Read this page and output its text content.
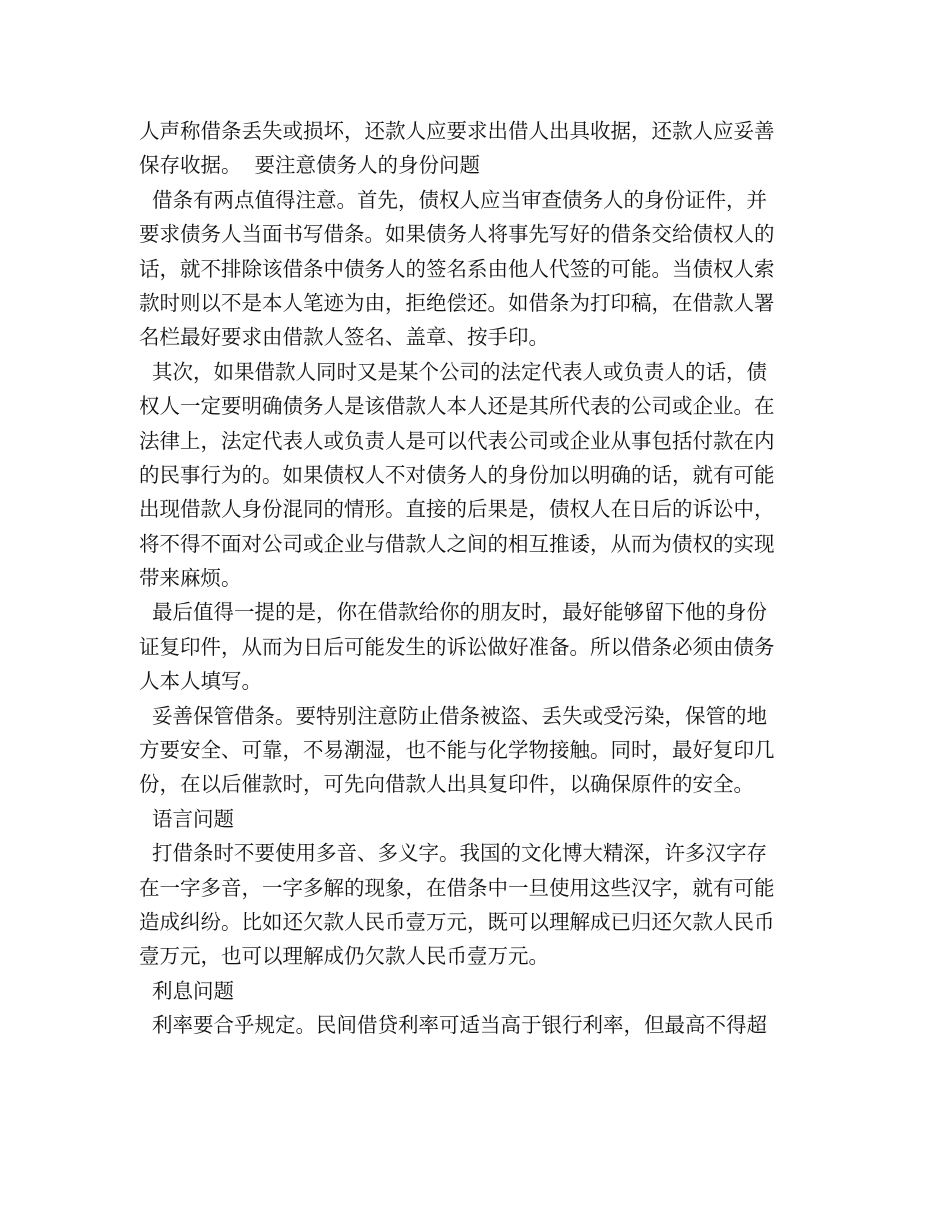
人声称借条丢失或损坏，还款人应要求出借人出具收据，还款人应妥善
保存收据。  要注意债务人的身份问题
借条有两点值得注意。首先，债权人应当审查债务人的身份证件，并
要求债务人当面书写借条。如果债务人将事先写好的借条交给债权人的
话，就不排除该借条中债务人的签名系由他人代签的可能。当债权人索
款时则以不是本人笔迹为由，拒绝偿还。如借条为打印稿，在借款人署
名栏最好要求由借款人签名、盖章、按手印。
其次，如果借款人同时又是某个公司的法定代表人或负责人的话，债
权人一定要明确债务人是该借款人本人还是其所代表的公司或企业。在
法律上，法定代表人或负责人是可以代表公司或企业从事包括付款在内
的民事行为的。如果债权人不对债务人的身份加以明确的话，就有可能
出现借款人身份混同的情形。直接的后果是，债权人在日后的诉讼中，
将不得不面对公司或企业与借款人之间的相互推诿，从而为债权的实现
带来麻烦。
最后值得一提的是，你在借款给你的朋友时，最好能够留下他的身份
证复印件，从而为日后可能发生的诉讼做好准备。所以借条必须由债务
人本人填写。
妥善保管借条。要特别注意防止借条被盗、丢失或受污染，保管的地
方要安全、可靠，不易潮湿，也不能与化学物接触。同时，最好复印几
份，在以后催款时，可先向借款人出具复印件，以确保原件的安全。
语言问题
打借条时不要使用多音、多义字。我国的文化博大精深，许多汉字存
在一字多音，一字多解的现象，在借条中一旦使用这些汉字，就有可能
造成纠纷。比如还欠款人民币壹万元，既可以理解成已归还欠款人民币
壹万元，也可以理解成仍欠款人民币壹万元。
利息问题
利率要合乎规定。民间借贷利率可适当高于银行利率，但最高不得超
